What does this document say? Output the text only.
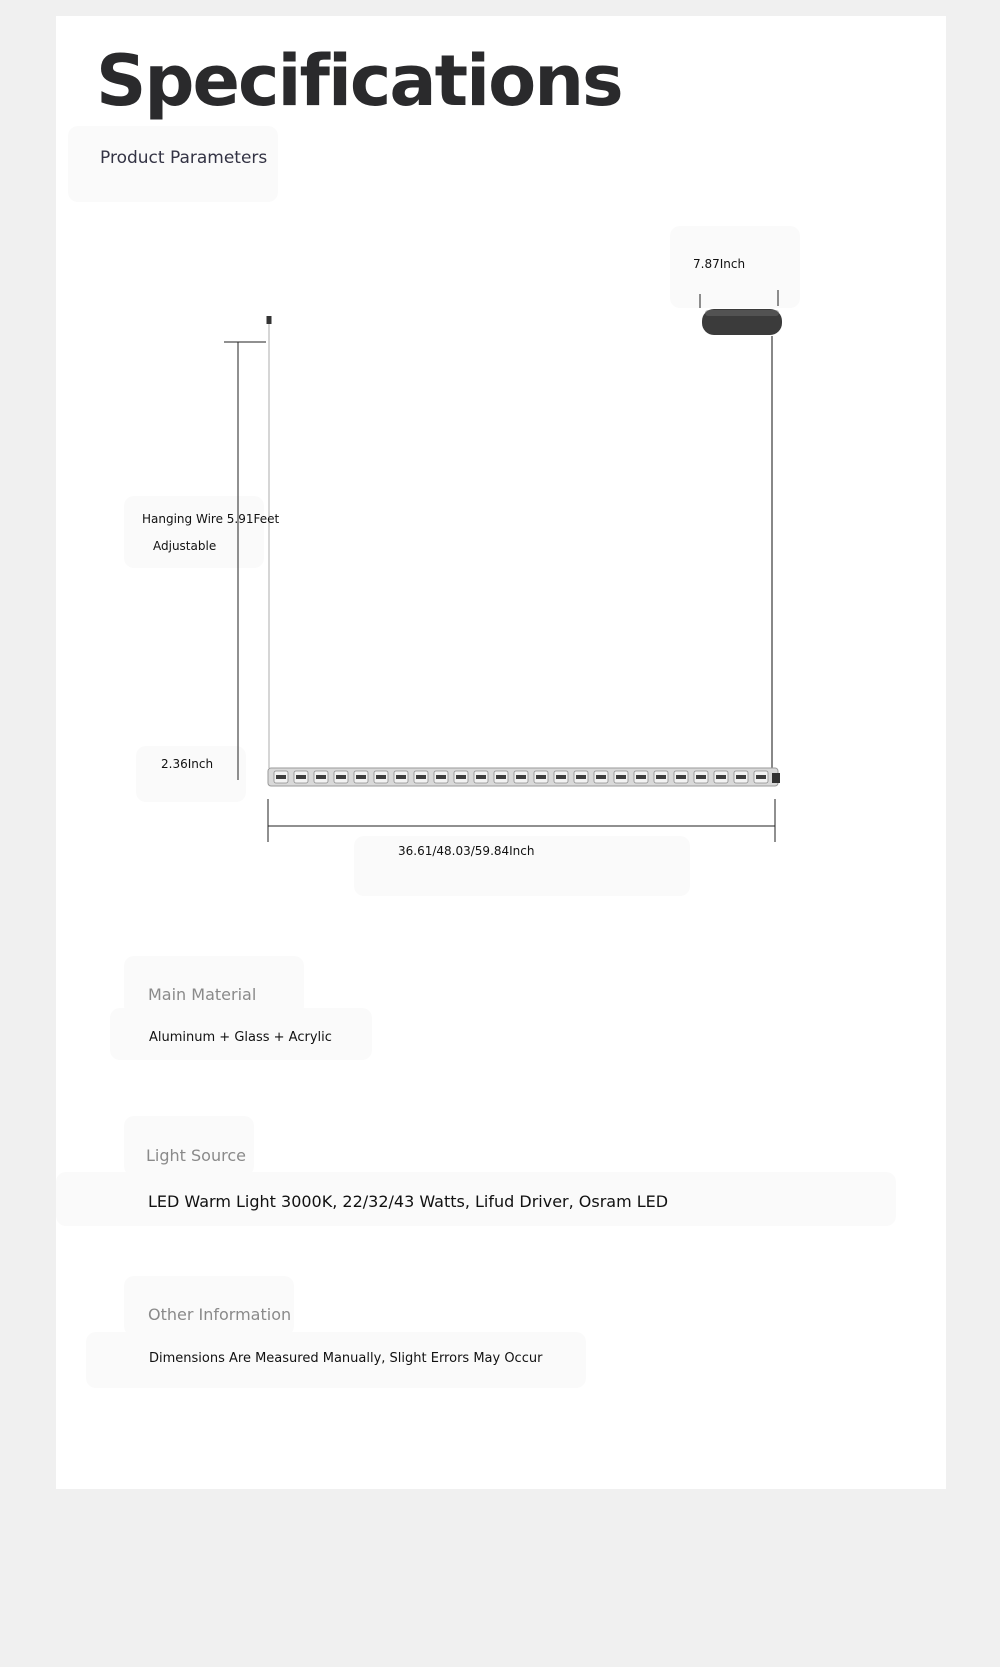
Specifications
Product Parameters
7.87Inch
Hanging Wire 5.91Feet
Adjustable
2.36Inch
36.61/48.03/59.84Inch
Main Material
Aluminum + Glass + Acrylic
Light Source
LED Warm Light 3000K, 22/32/43 Watts, Lifud Driver, Osram LED
Other Information
Dimensions Are Measured Manually, Slight Errors May Occur
